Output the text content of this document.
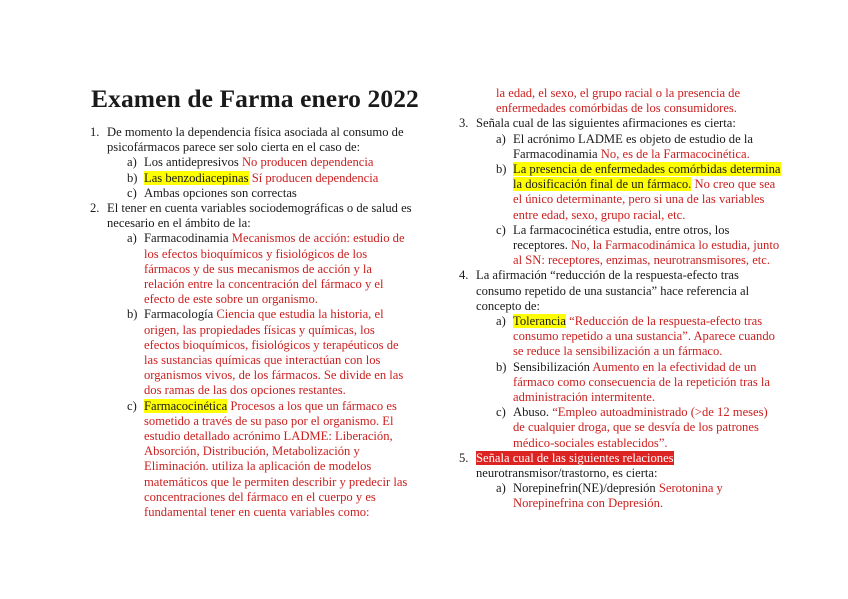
Examen de Farma enero 2022
1. De momento la dependencia física asociada al consumo de psicofármacos parece ser solo cierta en el caso de:
a) Los antidepresivos No producen dependencia
b) Las benzodiacepinas Sí producen dependencia
c) Ambas opciones son correctas
2. El tener en cuenta variables sociodemográficas o de salud es necesario en el ámbito de la:
a) Farmacodinamia Mecanismos de acción: estudio de los efectos bioquímicos y fisiológicos de los fármacos y de sus mecanismos de acción y la relación entre la concentración del fármaco y el efecto de este sobre un organismo.
b) Farmacología Ciencia que estudia la historia, el origen, las propiedades físicas y químicas, los efectos bioquímicos, fisiológicos y terapéuticos de las sustancias químicas que interactúan con los organismos vivos, de los fármacos. Se divide en las dos ramas de las dos opciones restantes.
c) Farmacocinética Procesos a los que un fármaco es sometido a través de su paso por el organismo. El estudio detallado acrónimo LADME: Liberación, Absorción, Distribución, Metabolización y Eliminación. utiliza la aplicación de modelos matemáticos que le permiten describir y predecir las concentraciones del fármaco en el cuerpo y es fundamental tener en cuenta variables como:
la edad, el sexo, el grupo racial o la presencia de enfermedades comórbidas de los consumidores.
3. Señala cual de las siguientes afirmaciones es cierta:
a) El acrónimo LADME es objeto de estudio de la Farmacodinamia No, es de la Farmacocinética.
b) La presencia de enfermedades comórbidas determina la dosificación final de un fármaco. No creo que sea el único determinante, pero si una de las variables entre edad, sexo, grupo racial, etc.
c) La farmacocinética estudia, entre otros, los receptores. No, la Farmacodinámica lo estudia, junto al SN: receptores, enzimas, neurotransmisores, etc.
4. La afirmación “reducción de la respuesta-efecto tras consumo repetido de una sustancia” hace referencia al concepto de:
a) Tolerancia “Reducción de la respuesta-efecto tras consumo repetido a una sustancia”. Aparece cuando se reduce la sensibilización a un fármaco.
b) Sensibilización Aumento en la efectividad de un fármaco como consecuencia de la repetición tras la administración intermitente.
c) Abuso. “Empleo autoadministrado (>de 12 meses) de cualquier droga, que se desvía de los patrones médico-sociales establecidos”.
5. Señala cual de las siguientes relaciones
neurotransmisor/trastorno, es cierta:
a) Norepinefrin(NE)/depresión Serotonina y Norepinefrina con Depresión.
